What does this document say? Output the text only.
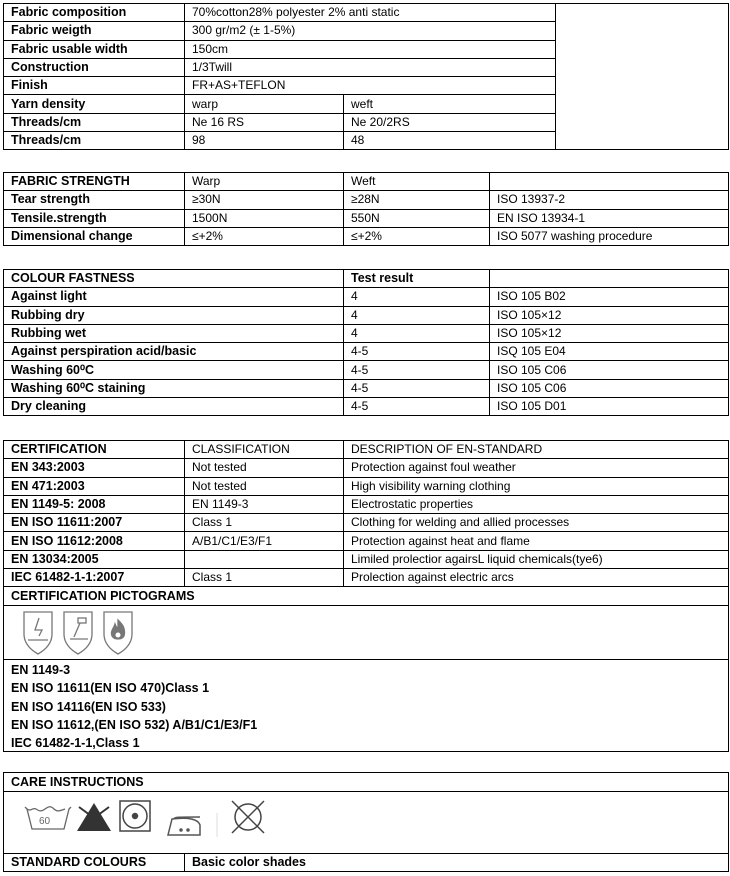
Fabric composition	70%cotton28% polyester 2% anti static		
Fabric weigth	300 gr/m2 (± 1-5%)		
Fabric usable width	150cm		
Construction	1/3Twill		
Finish	FR+AS+TEFLON		
Yarn density	warp	weft	
Threads/cm	Ne 16 RS	Ne 20/2RS	
Threads/cm	98	48	
FABRIC STRENGTH	Warp	Weft	
Tear strength	≥30N	≥28N	ISO 13937-2
Tensile.strength	1500N	550N	EN ISO 13934-1
Dimensional change	≤+2%	≤+2%	ISO 5077 washing procedure
COLOUR FASTNESS	Test result	
Against light	4	ISO 105 B02
Rubbing dry	4	ISO 105×12
Rubbing wet	4	ISO 105×12
Against perspiration acid/basic	4-5	ISQ 105 E04
Washing 60⁰C	4-5	ISO 105 C06
Washing 60⁰C staining	4-5	ISO 105 C06
Dry cleaning	4-5	ISO 105 D01
CERTIFICATION	CLASSIFICATION	DESCRIPTION OF EN-STANDARD
EN 343:2003	Not tested	Protection against foul weather
EN 471:2003	Not tested	High visibility warning clothing
EN 1149-5: 2008	EN 1149-3	Electrostatic properties
EN ISO 11611:2007	Class 1	Clothing for welding and allied processes
EN ISO 11612:2008	A/B1/C1/E3/F1	Protection against heat and flame
EN 13034:2005		Limiled prolectior agairsL liquid chemicals(tye6)
IEC 61482-1-1:2007	Class 1	Prolection against electric arcs
CERTIFICATION PICTOGRAMS		
EN 1149-3
EN ISO 11611(EN ISO 470)Class 1
EN ISO 14116(EN ISO 533)
EN ISO 11612,(EN ISO 532) A/B1/C1/E3/F1
IEC 61482-1-1,Class 1
CARE INSTRUCTIONS
60
STANDARD COLOURS	Basic color shades
